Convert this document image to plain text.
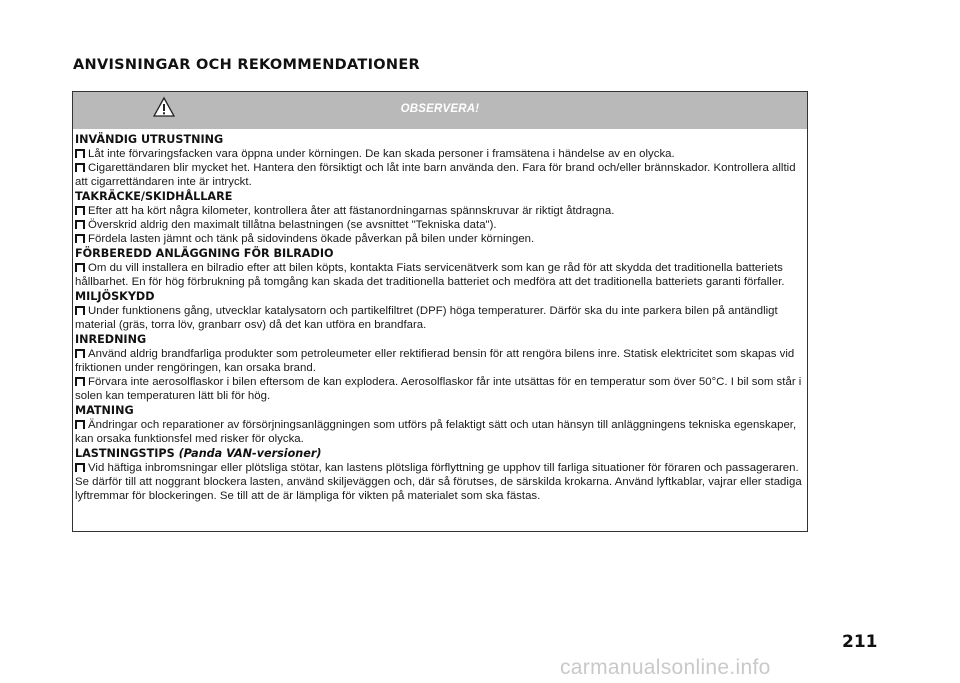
ANVISNINGAR OCH REKOMMENDATIONER
OBSERVERA!
INVÄNDIG UTRUSTNING
Låt inte förvaringsfacken vara öppna under körningen. De kan skada personer i framsätena i händelse av en olycka.
Cigarettändaren blir mycket het. Hantera den försiktigt och låt inte barn använda den. Fara för brand och/eller brännskador. Kontrollera alltid att cigarrettändaren inte är intryckt.
TAKRÄCKE/SKIDHÅLLARE
Efter att ha kört några kilometer, kontrollera åter att fästanordningarnas spännskruvar är riktigt åtdragna.
Överskrid aldrig den maximalt tillåtna belastningen (se avsnittet "Tekniska data").
Fördela lasten jämnt och tänk på sidovindens ökade påverkan på bilen under körningen.
FÖRBEREDD ANLÄGGNING FÖR BILRADIO
Om du vill installera en bilradio efter att bilen köpts, kontakta Fiats servicenätverk som kan ge råd för att skydda det traditionella batteriets hållbarhet. En för hög förbrukning på tomgång kan skada det traditionella batteriet och medföra att det traditionella batteriets garanti förfaller.
MILJÖSKYDD
Under funktionens gång, utvecklar katalysatorn och partikelfiltret (DPF) höga temperaturer. Därför ska du inte parkera bilen på antändligt material (gräs, torra löv, granbarr osv) då det kan utföra en brandfara.
INREDNING
Använd aldrig brandfarliga produkter som petroleumeter eller rektifierad bensin för att rengöra bilens inre. Statisk elektricitet som skapas vid friktionen under rengöringen, kan orsaka brand.
Förvara inte aerosolflaskor i bilen eftersom de kan explodera. Aerosolflaskor får inte utsättas för en temperatur som över 50°C. I bil som står i solen kan temperaturen lätt bli för hög.
MATNING
Ändringar och reparationer av försörjningsanläggningen som utförs på felaktigt sätt och utan hänsyn till anläggningens tekniska egenskaper, kan orsaka funktionsfel med risker för olycka.
LASTNINGSTIPS (Panda VAN-versioner)
Vid häftiga inbromsningar eller plötsliga stötar, kan lastens plötsliga förflyttning ge upphov till farliga situationer för föraren och passageraren. Se därför till att noggrant blockera lasten, använd skiljeväggen och, där så förutses, de särskilda krokarna. Använd lyftkablar, vajrar eller stadiga lyftremmar för blockeringen. Se till att de är lämpliga för vikten på materialet som ska fästas.
211
carmanualsonline.info
